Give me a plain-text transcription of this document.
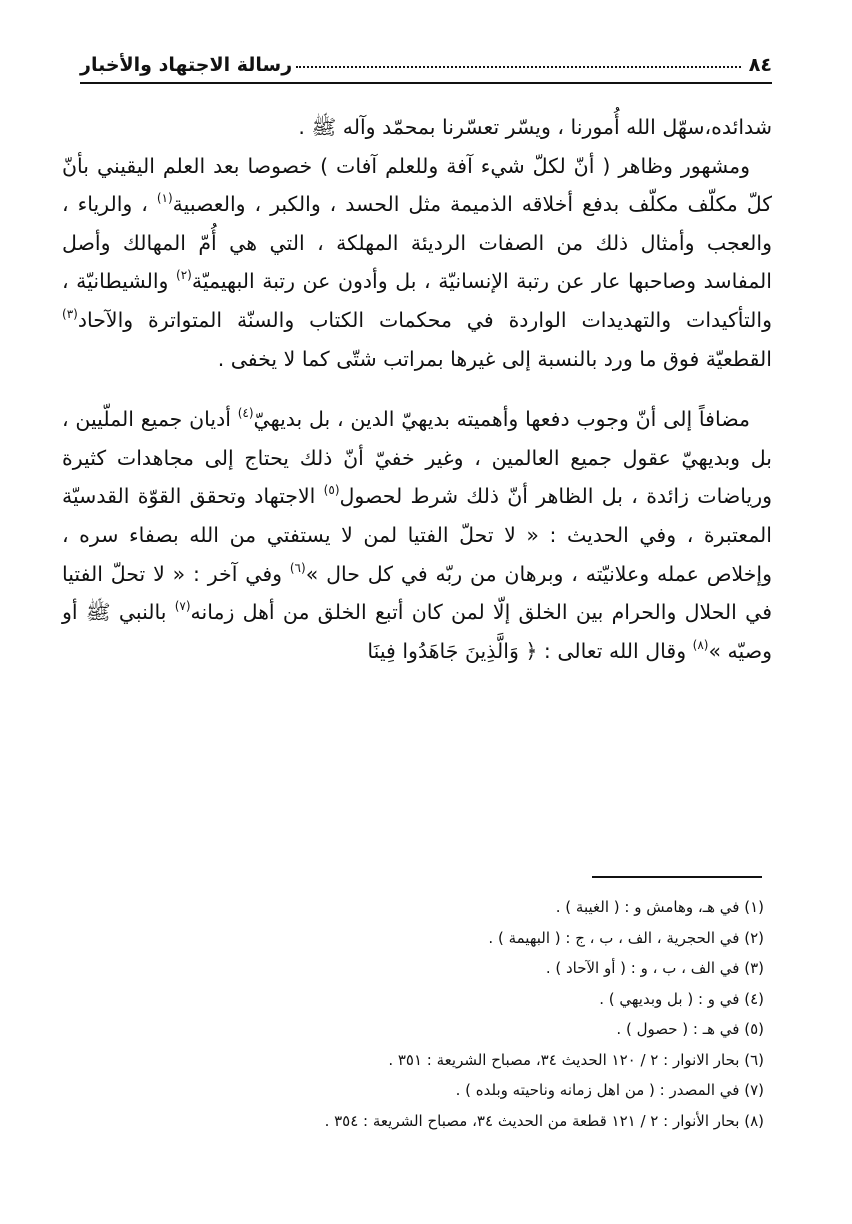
٨٤
رسالة الاجتهاد والأخبار

شدائده،سهّل الله أُمورنا ، ويسّر تعسّرنا بمحمّد وآله ﷺ .

ومشهور وظاهر ( أنّ لكلّ شيء آفة وللعلم آفات ) خصوصا بعد العلم اليقيني بأنّ كلّ مكلّف مكلّف بدفع أخلاقه الذميمة مثل الحسد ، والكبر ، والعصبية$^{(١)}$ ، والرياء ، والعجب وأمثال ذلك من الصفات الرديئة المهلكة ، التي هي أُمّ المهالك وأصل المفاسد وصاحبها عار عن رتبة الإنسانيّة ، بل وأدون عن رتبة البهيميّة$^{(٢)}$ والشيطانيّة ، والتأكيدات والتهديدات الواردة في محكمات الكتاب والسنّة المتواترة والآحاد$^{(٣)}$ القطعيّة فوق ما ورد بالنسبة إلى غيرها بمراتب شتّى كما لا يخفى .

مضافاً إلى أنّ وجوب دفعها وأهميته بديهيّ الدين ، بل بديهيّ$^{(٤)}$ أديان جميع الملّيين ، بل وبديهيّ عقول جميع العالمين ، وغير خفيّ أنّ ذلك يحتاج إلى مجاهدات كثيرة ورياضات زائدة ، بل الظاهر أنّ ذلك شرط لحصول$^{(٥)}$ الاجتهاد وتحقق القوّة القدسيّة المعتبرة ، وفي الحديث : « لا تحلّ الفتيا لمن لا يستفتي من الله بصفاء سره ، وإخلاص عمله وعلانيّته ، وبرهان من ربّه في كل حال »$^{(٦)}$ وفي آخر : « لا تحلّ الفتيا في الحلال والحرام بين الخلق إلّا لمن كان أتبع الخلق من أهل زمانه$^{(٧)}$ بالنبي ﷺ أو وصيّه »$^{(٨)}$ وقال الله تعالى : ﴿ وَالَّذِينَ جَاهَدُوا فِينَا

(١) في هـ، وهامش و : ( الغيبة ) .
(٢) في الحجرية ، الف ، ب ، ج : ( البهيمة ) .
(٣) في الف ، ب ، و : ( أو الآحاد ) .
(٤) في و : ( بل وبديهي ) .
(٥) في هـ : ( حصول ) .
(٦) بحار الانوار : ٢ / ١٢٠ الحديث ٣٤، مصباح الشريعة : ٣٥١ .
(٧) في المصدر : ( من اهل زمانه وناحيته وبلده ) .
(٨) بحار الأنوار : ٢ / ١٢١ قطعة من الحديث ٣٤، مصباح الشريعة : ٣٥٤ .
